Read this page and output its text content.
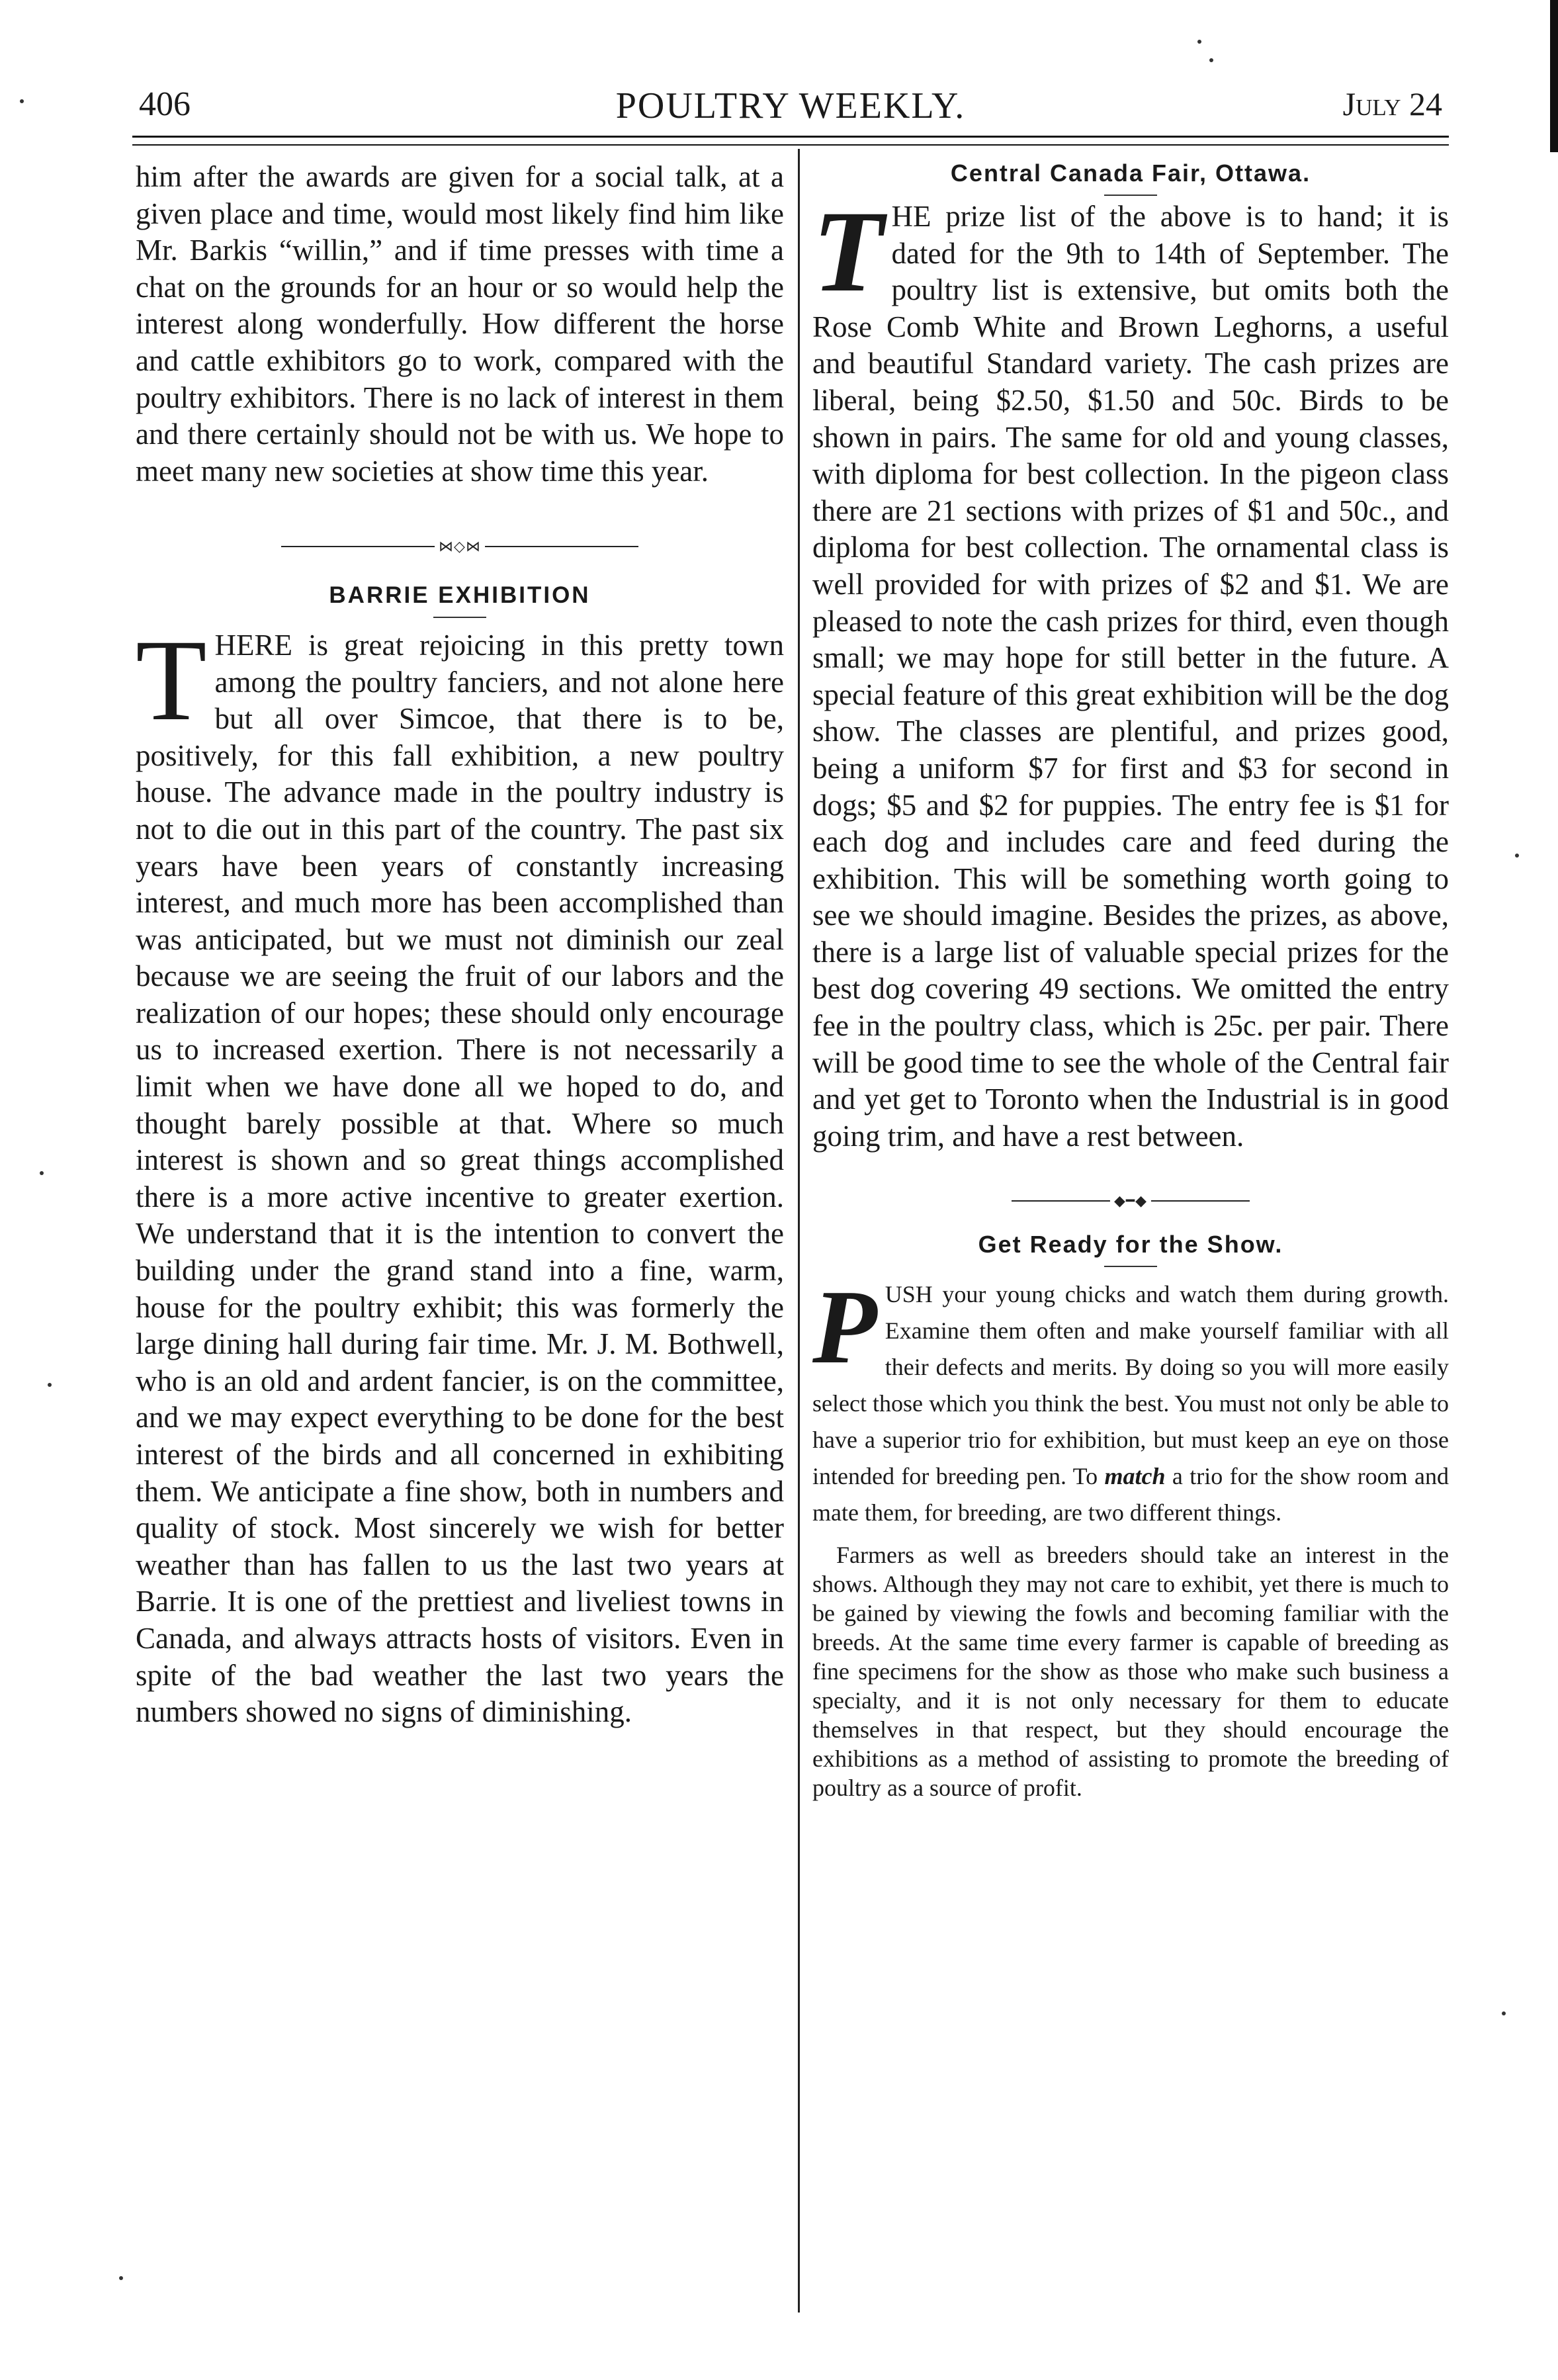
406	POULTRY WEEKLY.	July 24

him after the awards are given for a social talk, at a given place and time, would most likely find him like Mr. Barkis “willin,” and if time presses with time a chat on the grounds for an hour or so would help the interest along wonderfully. How different the horse and cattle exhibitors go to work, compared with the poultry exhibitors. There is no lack of interest in them and there certainly should not be with us. We hope to meet many new societies at show time this year.

⋈◇⋈
BARRIE EXHIBITION

THERE is great rejoicing in this pretty town among the poultry fanciers, and not alone here but all over Simcoe, that there is to be, positively, for this fall exhibition, a new poultry house. The advance made in the poultry industry is not to die out in this part of the country. The past six years have been years of constantly increasing interest, and much more has been accomplished than was anticipated, but we must not diminish our zeal because we are seeing the fruit of our labors and the realization of our hopes; these should only encourage us to increased exertion. There is not necessarily a limit when we have done all we hoped to do, and thought barely possible at that. Where so much interest is shown and so great things accomplished there is a more active incentive to greater exertion. We understand that it is the intention to convert the building under the grand stand into a fine, warm, house for the poultry exhibit; this was formerly the large dining hall during fair time. Mr. J. M. Bothwell, who is an old and ardent fancier, is on the committee, and we may expect everything to be done for the best interest of the birds and all concerned in exhibiting them. We anticipate a fine show, both in numbers and quality of stock. Most sincerely we wish for better weather than has fallen to us the last two years at Barrie. It is one of the prettiest and liveliest towns in Canada, and always attracts hosts of visitors. Even in spite of the bad weather the last two years the numbers showed no signs of diminishing.

Central Canada Fair, Ottawa.

THE prize list of the above is to hand; it is dated for the 9th to 14th of September. The poultry list is extensive, but omits both the Rose Comb White and Brown Leghorns, a useful and beautiful Standard variety. The cash prizes are liberal, being $2.50, $1.50 and 50c. Birds to be shown in pairs. The same for old and young classes, with diploma for best collection. In the pigeon class there are 21 sections with prizes of $1 and 50c., and diploma for best collection. The ornamental class is well provided for with prizes of $2 and $1. We are pleased to note the cash prizes for third, even though small; we may hope for still better in the future. A special feature of this great exhibition will be the dog show. The classes are plentiful, and prizes good, being a uniform $7 for first and $3 for second in dogs; $5 and $2 for puppies. The entry fee is $1 for each dog and includes care and feed during the exhibition. This will be something worth going to see we should imagine. Besides the prizes, as above, there is a large list of valuable special prizes for the best dog covering 49 sections. We omitted the entry fee in the poultry class, which is 25c. per pair. There will be good time to see the whole of the Central fair and yet get to Toronto when the Industrial is in good going trim, and have a rest between.

◆━◆
Get Ready for the Show.

PUSH your young chicks and watch them during growth. Examine them often and make yourself familiar with all their defects and merits. By doing so you will more easily select those which you think the best. You must not only be able to have a superior trio for exhibition, but must keep an eye on those intended for breeding pen. To match a trio for the show room and mate them, for breeding, are two different things.

Farmers as well as breeders should take an interest in the shows. Although they may not care to exhibit, yet there is much to be gained by viewing the fowls and becoming familiar with the breeds. At the same time every farmer is capable of breeding as fine specimens for the show as those who make such business a specialty, and it is not only necessary for them to educate themselves in that respect, but they should encourage the exhibitions as a method of assisting to promote the breeding of poultry as a source of profit.
